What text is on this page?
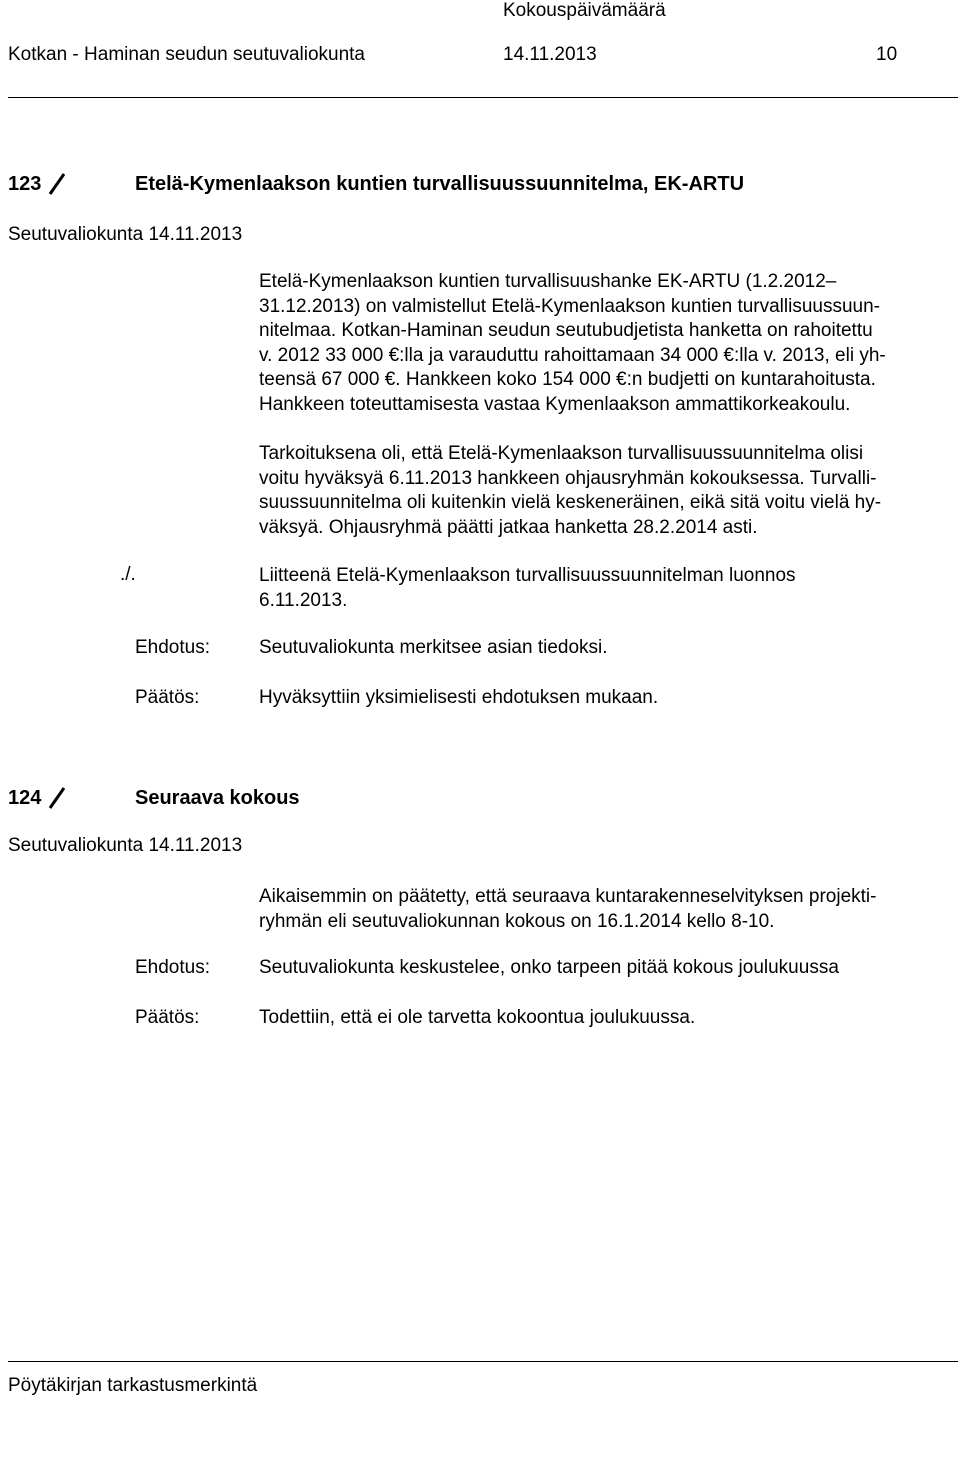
Kokouspäivämäärä
Kotkan - Haminan seudun seutuvaliokunta	14.11.2013	10
123	Etelä-Kymenlaakson kuntien turvallisuussuunnitelma, EK-ARTU
Seutuvaliokunta 14.11.2013

Etelä-Kymenlaakson kuntien turvallisuushanke EK-ARTU (1.2.2012–

31.12.2013) on valmistellut Etelä-Kymenlaakson kuntien turvallisuussuun-

nitelmaa. Kotkan-Haminan seudun seutubudjetista hanketta on rahoitettu

v. 2012 33 000 €:lla ja varauduttu rahoittamaan 34 000 €:lla v. 2013, eli yh-

teensä 67 000 €. Hankkeen koko 154 000 €:n budjetti on kuntarahoitusta.

Hankkeen toteuttamisesta vastaa Kymenlaakson ammattikorkeakoulu.

Tarkoituksena oli, että Etelä-Kymenlaakson turvallisuussuunnitelma olisi

voitu hyväksyä 6.11.2013 hankkeen ohjausryhmän kokouksessa. Turvalli-

suussuunnitelma oli kuitenkin vielä keskeneräinen, eikä sitä voitu vielä hy-

väksyä. Ohjausryhmä päätti jatkaa hanketta 28.2.2014 asti.

./.	Liitteenä Etelä-Kymenlaakson turvallisuussuunnitelman luonnos

6.11.2013.

Ehdotus:	Seutuvaliokunta merkitsee asian tiedoksi.
Päätös:	Hyväksyttiin yksimielisesti ehdotuksen mukaan.
124	Seuraava kokous
Seutuvaliokunta 14.11.2013

Aikaisemmin on päätetty, että seuraava kuntarakenneselvityksen projekti-

ryhmän eli seutuvaliokunnan kokous on 16.1.2014 kello 8-10.

Ehdotus:	Seutuvaliokunta keskustelee, onko tarpeen pitää kokous joulukuussa
Päätös:	Todettiin, että ei ole tarvetta kokoontua joulukuussa.
Pöytäkirjan tarkastusmerkintä
